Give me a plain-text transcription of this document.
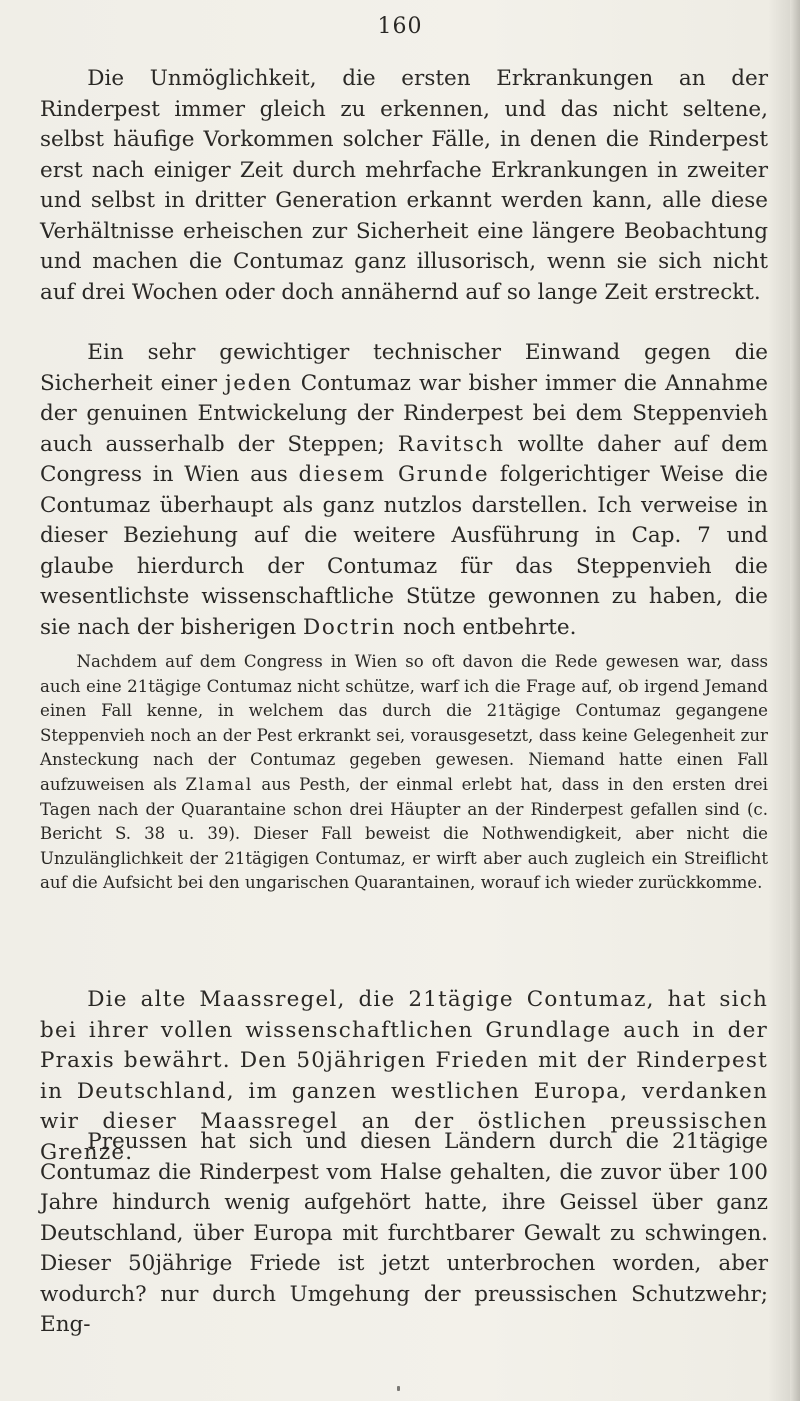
160

Die Unmöglichkeit, die ersten Erkrankungen an der Rinderpest immer gleich zu erkennen, und das nicht seltene, selbst häufige Vorkommen solcher Fälle, in denen die Rinderpest erst nach einiger Zeit durch mehrfache Erkrankungen in zweiter und selbst in dritter Generation erkannt werden kann, alle diese Verhältnisse erheischen zur Sicherheit eine längere Beobachtung und machen die Contumaz ganz illusorisch, wenn sie sich nicht auf drei Wochen oder doch annähernd auf so lange Zeit erstreckt.

Ein sehr gewichtiger technischer Einwand gegen die Sicherheit einer jeden Contumaz war bisher immer die Annahme der genuinen Entwickelung der Rinderpest bei dem Steppenvieh auch ausserhalb der Steppen; Ravitsch wollte daher auf dem Congress in Wien aus diesem Grunde folgerichtiger Weise die Contumaz überhaupt als ganz nutzlos darstellen. Ich verweise in dieser Beziehung auf die weitere Ausführung in Cap. 7 und glaube hierdurch der Contumaz für das Steppenvieh die wesentlichste wissenschaftliche Stütze gewonnen zu haben, die sie nach der bisherigen Doctrin noch entbehrte.

Nachdem auf dem Congress in Wien so oft davon die Rede gewesen war, dass auch eine 21tägige Contumaz nicht schütze, warf ich die Frage auf, ob irgend Jemand einen Fall kenne, in welchem das durch die 21tägige Contumaz gegangene Steppenvieh noch an der Pest erkrankt sei, vorausgesetzt, dass keine Gelegenheit zur Ansteckung nach der Contumaz gegeben gewesen. Niemand hatte einen Fall aufzuweisen als Zlamal aus Pesth, der einmal erlebt hat, dass in den ersten drei Tagen nach der Quarantaine schon drei Häupter an der Rinderpest gefallen sind (c. Bericht S. 38 u. 39). Dieser Fall beweist die Nothwendigkeit, aber nicht die Unzulänglichkeit der 21tägigen Contumaz, er wirft aber auch zugleich ein Streiflicht auf die Aufsicht bei den ungarischen Quarantainen, worauf ich wieder zurückkomme.

Die alte Maassregel, die 21tägige Contumaz, hat sich bei ihrer vollen wissenschaftlichen Grundlage auch in der Praxis bewährt. Den 50jährigen Frieden mit der Rinderpest in Deutschland, im ganzen westlichen Europa, verdanken wir dieser Maassregel an der östlichen preussischen Grenze.

Preussen hat sich und diesen Ländern durch die 21tägige Contumaz die Rinderpest vom Halse gehalten, die zuvor über 100 Jahre hindurch wenig aufgehört hatte, ihre Geissel über ganz Deutschland, über Europa mit furchtbarer Gewalt zu schwingen. Dieser 50jährige Friede ist jetzt unterbrochen worden, aber wodurch? nur durch Umgehung der preussischen Schutzwehr; Eng-
